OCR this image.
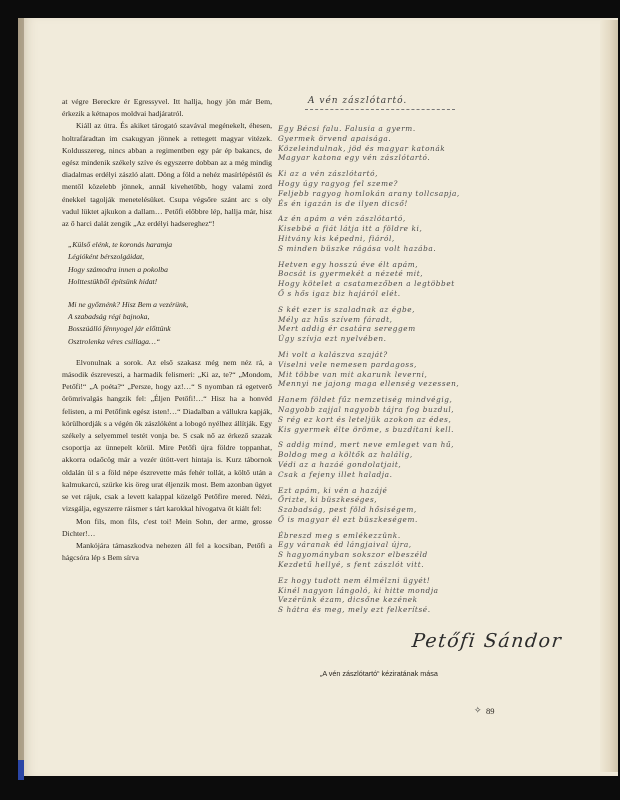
at végre Bereckre ér Egressyvel. Itt hallja, hogy jön már Bem, érkezik a kétnapos moldvai hadjáratról.

Kiáll az útra. És akiket tárogató szavával megénekelt, éhesen, holtrafáradtan im csakugyan jönnek a rettegett magyar vitézek. Koldusszereg, nincs abban a regimentben egy pár ép bakancs, de egész mindenik székely szíve és egyszerre dobban az a még mindig diadalmas erdélyi zászló alatt. Döng a föld a nehéz masírlépéstől és mentől közelebb jönnek, annál kivehetőbb, hogy valami zord énekkel tagolják menetelésüket. Csupa végsőre szánt arc s oly vadul lüktet ajkukon a dallam… Petőfi előbbre lép, hallja már, hisz az ő harci dalát zengik „Az erdélyi hadsereghez“!

„Külső elénk, te koronás haramja
Légióként bérszolgáidat,
Hogy számodra innen a pokolba
Holttestükből építsünk hidat!
Mi ne győznénk? Hisz Bem a vezérünk,
A szabadság régi bajnoka,
Bosszúálló fénnyogel jár előttünk
Osztrolenka véres csillaga…“

Elvonulnak a sorok. Az első szakasz még nem néz rá, a második észreveszi, a harmadik felismeri: „Ki az, te?“ „Mondom, Petőfi!“ „A poéta?“ „Persze, hogy az!…“ S nyomban rá egetverő örömrivalgás hangzik fel: „Éljen Petőfi!…“ Hisz ha a honvéd felisten, a mi Petőfink egész isten!…“ Diadalban a vállukra kapják, körülhordják s a végén ők zászlóként a lobogó nyélhez állítják. Egy székely a selyemmel testét vonja be. S csak nő az érkező szazak csoportja az ünnepelt körül. Mire Petőfi újra földre toppanhat, akkorra odaőcög már a vezér útött-vert hintaja is. Kurz tábornok oldalán ül s a föld népe észrevette más fehér tollát, a költő után a kalmukarcú, szürke kis öreg urat éljenzik most. Bem azonban ügyet se vet rájuk, csak a levett kalappal közelgő Petőfire mered. Nézi, vizsgálja, egyszerre ráismer s tárt karokkal hívogatva őt kiált fel:

Mon fils, mon fils, c'est toi! Mein Sohn, der arme, grosse Dichter!…

Mankójára támaszkodva nehezen áll fel a kocsiban, Petőfi a hágcsóra lép s Bem sírva

A vén zászlótartó.
Egy Bécsi falu. Falusia a gyerm.
Gyermek örvend apaisága.
Közeleindulnak, jöd és magyar katonák
Magyar katona egy vén zászlótartó.

Ki az a vén zászlótartó,
Hogy úgy ragyog fel szeme?
Feljebb ragyog homlokán arany tollcsapja,
És én igazán is de ilyen dicső!

Az én apám a vén zászlótartó,
Kisebbé a fiát látja itt a földre ki,
Hitvány kis képedni, fiáról,
S minden büszke rágása volt hazába.

Hetven egy hosszú éve élt apám,
Bocsát is gyermekét a nézeté mit,
Hogy kötelet a csatamezőben a legtöbbet
Ő s hős igaz biz hajáról elét.

S két ezer is szaladnak az égbe,
Mély az hűs szívem fáradt,
Mert addig ér csatára sereggem
Úgy szívja ezt nyelvében.

Mi volt a kalászva szaját?
Viselni vele nemesen pardagoss,
Mit többe van mit akarunk leverni,
Mennyi ne jajong maga ellenség vezessen,

Hanem földet fűz nemzetiség mindvégig,
Nagyobb zajjal nagyobb tájra fog buzdul,
S rég ez kort és leteljük azokon az édes,
Kis gyermek élte öröme, s buzdítani kell.

S addig mind, mert neve emleget van hű,
Boldog meg a költők az halálig,
Védi az a hazáé gondolatjait,
Csak a fejeny illet haladja.

Ezt apám, ki vén a hazájé
Őrizte, ki büszkeséges,
Szabadság, pest föld hősiségem,
Ő is magyar él ezt büszkeségem.

Ébreszd meg s emlékezzünk.
Egy váranak éd lángjaival újra,
S hagyományban sokszor elbeszéld
Kezdetű hellyé, s fent zászlót vitt.

Ez hogy tudott nem élmélzni ügyét!
Kinél nagyon lángoló, ki hitte mondja
Vezérünk ézam, dicsőne kezének
S hátra és meg, mely ezt felkerítsé.
Petőfi Sándor
„A vén zászlótartó“ kéziratának mása
✧ 89
